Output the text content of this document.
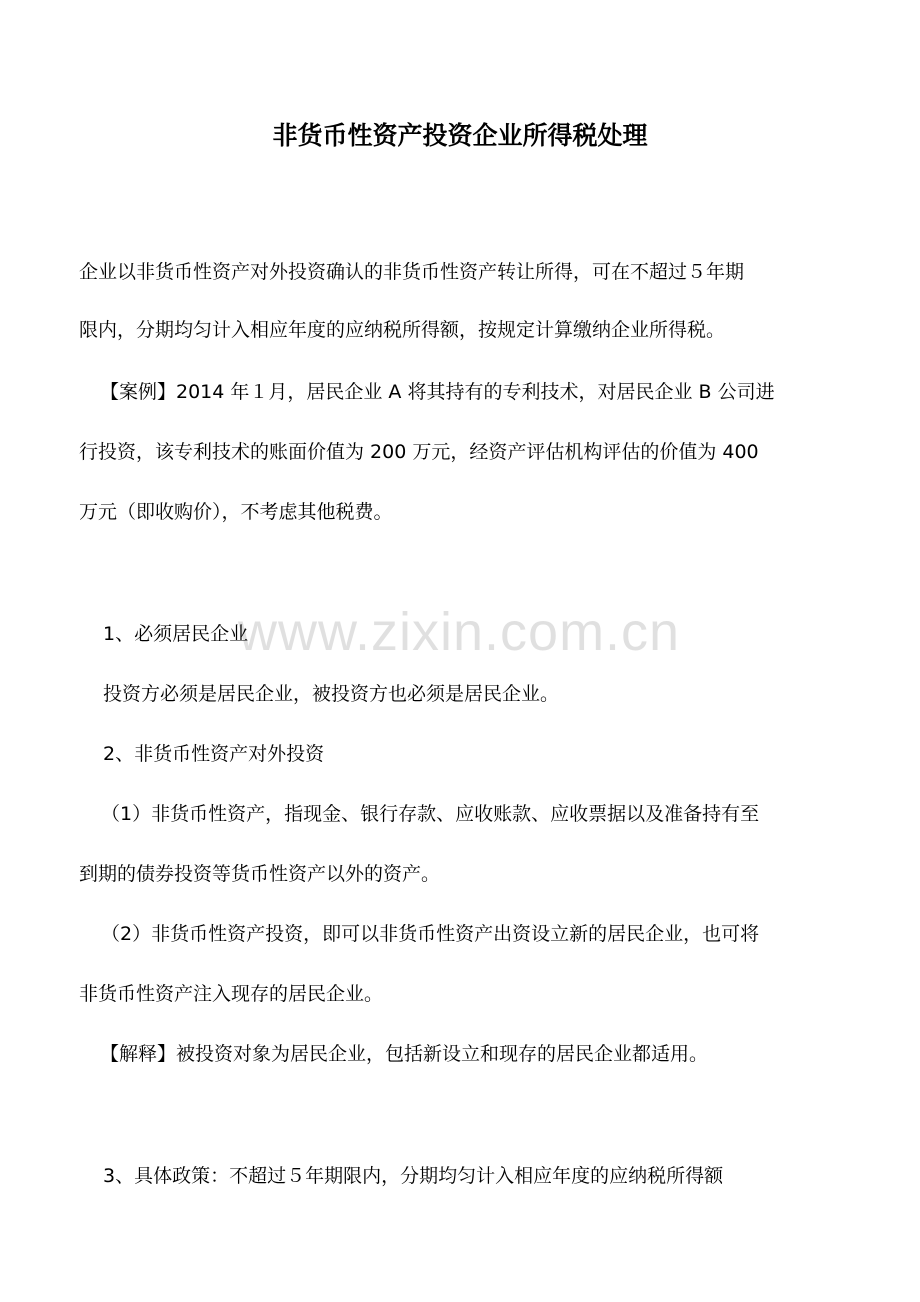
非货币性资产投资企业所得税处理
企业以非货币性资产对外投资确认的非货币性资产转让所得，可在不超过５年期
限内，分期均匀计入相应年度的应纳税所得额，按规定计算缴纳企业所得税。
【案例】2014 年１月，居民企业 A 将其持有的专利技术，对居民企业 B 公司进
行投资，该专利技术的账面价值为 200 万元，经资产评估机构评估的价值为 400
万元（即收购价），不考虑其他税费。
1、必须居民企业
投资方必须是居民企业，被投资方也必须是居民企业。
2、非货币性资产对外投资
（1）非货币性资产，指现金、银行存款、应收账款、应收票据以及准备持有至
到期的债券投资等货币性资产以外的资产。
（2）非货币性资产投资，即可以非货币性资产出资设立新的居民企业，也可将
非货币性资产注入现存的居民企业。
【解释】被投资对象为居民企业，包括新设立和现存的居民企业都适用。
3、具体政策：不超过５年期限内，分期均匀计入相应年度的应纳税所得额
www.zixin.com.cn
